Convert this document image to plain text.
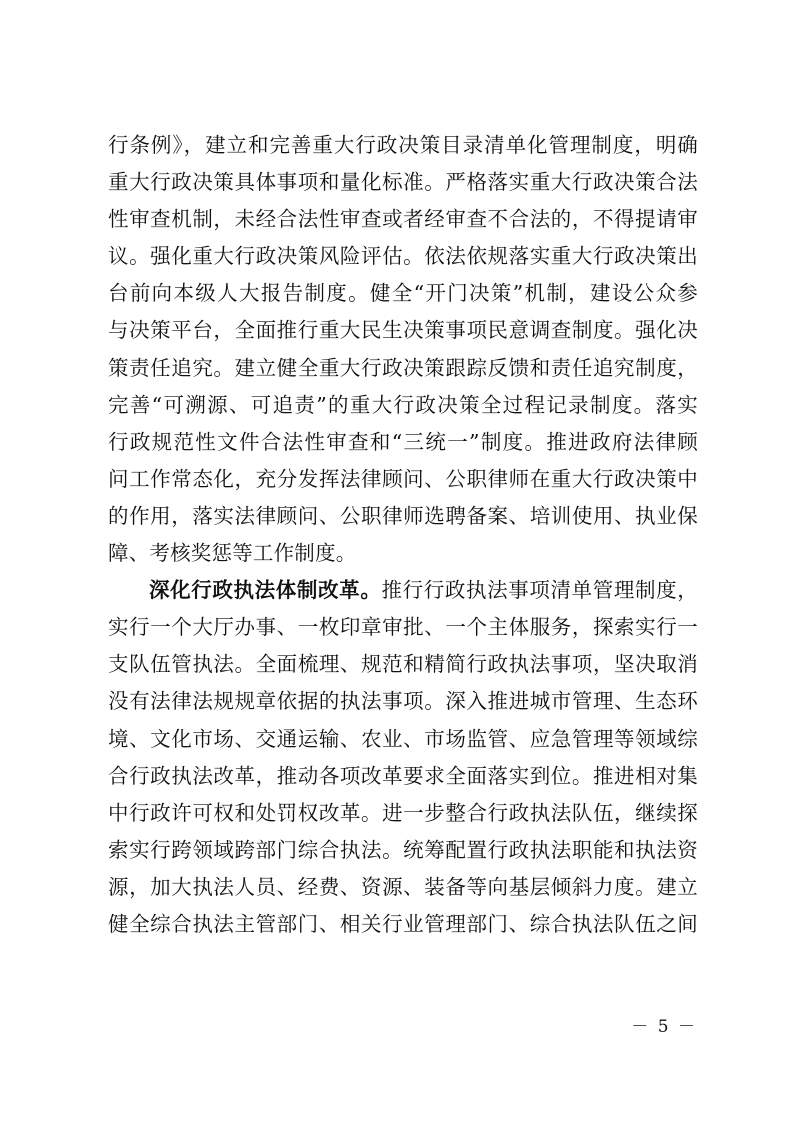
行条例》，建立和完善重大行政决策目录清单化管理制度，明确
重大行政决策具体事项和量化标准。严格落实重大行政决策合法
性审查机制，未经合法性审查或者经审查不合法的，不得提请审
议。强化重大行政决策风险评估。依法依规落实重大行政决策出
台前向本级人大报告制度。健全“开门决策”机制，建设公众参
与决策平台，全面推行重大民生决策事项民意调查制度。强化决
策责任追究。建立健全重大行政决策跟踪反馈和责任追究制度，
完善“可溯源、可追责”的重大行政决策全过程记录制度。落实
行政规范性文件合法性审查和“三统一”制度。推进政府法律顾
问工作常态化，充分发挥法律顾问、公职律师在重大行政决策中
的作用，落实法律顾问、公职律师选聘备案、培训使用、执业保
障、考核奖惩等工作制度。
深化行政执法体制改革。推行行政执法事项清单管理制度，
实行一个大厅办事、一枚印章审批、一个主体服务，探索实行一
支队伍管执法。全面梳理、规范和精简行政执法事项，坚决取消
没有法律法规规章依据的执法事项。深入推进城市管理、生态环
境、文化市场、交通运输、农业、市场监管、应急管理等领域综
合行政执法改革，推动各项改革要求全面落实到位。推进相对集
中行政许可权和处罚权改革。进一步整合行政执法队伍，继续探
索实行跨领域跨部门综合执法。统筹配置行政执法职能和执法资
源，加大执法人员、经费、资源、装备等向基层倾斜力度。建立
健全综合执法主管部门、相关行业管理部门、综合执法队伍之间
－ 5 －
